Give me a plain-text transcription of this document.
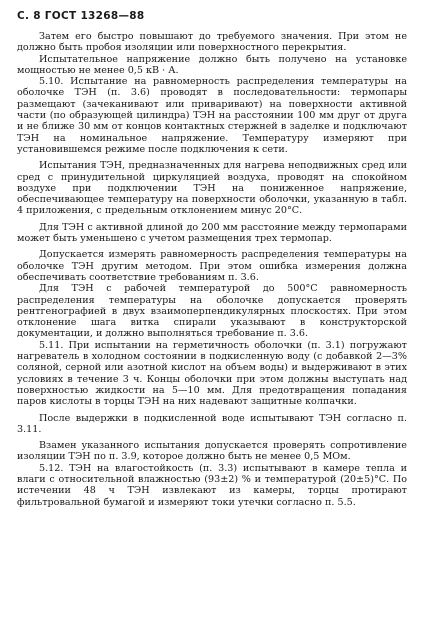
С. 8 ГОСТ 13268—88

Затем его быстро повышают до требуемого значения. При этом не должно быть пробоя изоляции или поверхностного перекрытия.

Испытательное напряжение должно быть получено на установке мощностью не менее 0,5 кВ · А.

5.10. Испытание на равномерность распределения температуры на оболочке ТЭН (п. 3.6) проводят в последовательности: термопары размещают (зачеканивают или приваривают) на поверхности активной части (по образующей цилиндра) ТЭН на расстоянии 100 мм друг от друга и не ближе 30 мм от концов контактных стержней в заделке и подключают ТЭН на номинальное напряжение. Температуру измеряют при установившемся режиме после подключения к сети.

Испытания ТЭН, предназначенных для нагрева неподвижных сред или сред с принудительной циркуляцией воздуха, проводят на спокойном воздухе при подключении ТЭН на пониженное напряжение, обеспечивающее температуру на поверхности оболочки, указанную в табл. 4 приложения, с предельным отклонением минус 20°С.

Для ТЭН с активной длиной до 200 мм расстояние между термопарами может быть уменьшено с учетом размещения трех термопар.

Допускается измерять равномерность распределения температуры на оболочке ТЭН другим методом. При этом ошибка измерения должна обеспечивать соответствие требованиям п. 3.6.

Для ТЭН с рабочей температурой до 500°С равномерность распределения температуры на оболочке допускается проверять рентгенографией в двух взаимоперпендикулярных плоскостях. При этом отклонение шага витка спирали указывают в конструкторской документации, и должно выполняться требование п. 3.6.

5.11. При испытании на герметичность оболочки (п. 3.1) погружают нагреватель в холодном состоянии в подкисленную воду (с добавкой 2—3% соляной, серной или азотной кислот на объем воды) и выдерживают в этих условиях в течение 3 ч. Концы оболочки при этом должны выступать над поверхностью жидкости на 5—10 мм. Для предотвращения попадания паров кислоты в торцы ТЭН на них надевают защитные колпачки.

После выдержки в подкисленной воде испытывают ТЭН согласно п. 3.11.

Взамен указанного испытания допускается проверять сопротивление изоляции ТЭН по п. 3.9, которое должно быть не менее 0,5 МОм.

5.12. ТЭН на влагостойкость (п. 3.3) испытывают в камере тепла и влаги с относительной влажностью (93±2) % и температурой (20±5)°С. По истечении 48 ч ТЭН извлекают из камеры, торцы протирают фильтровальной бумагой и измеряют токи утечки согласно п. 5.5.
